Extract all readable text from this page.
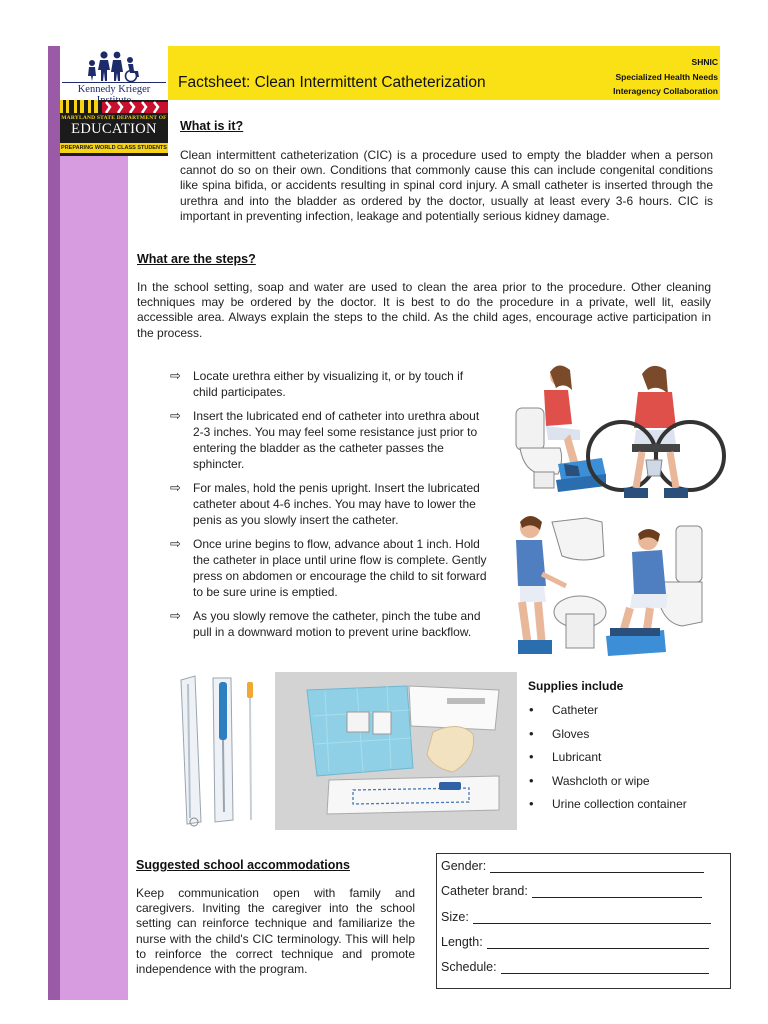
Kennedy Krieger
MARYLAND STATE DEPARTMENT OF
EDUCATION
PREPARING WORLD CLASS STUDENTS
Factsheet: Clean Intermittent Catheterization
SHNIC
Specialized Health Needs
Interagency Collaboration
What is it?

Clean intermittent catheterization (CIC) is a procedure used to empty the bladder when a person cannot do so on their own. Conditions that commonly cause this can include congenital conditions like spina bifida, or accidents resulting in spinal cord injury. A small catheter is inserted through the urethra and into the bladder as ordered by the doctor, usually at least every 3-6 hours. CIC is important in preventing infection, leakage and potentially serious kidney damage.

What are the steps?

In the school setting, soap and water are used to clean the area prior to the procedure. Other cleaning techniques may be ordered by the doctor. It is best to do the procedure in a private, well lit, easily accessible area. Always explain the steps to the child. As the child ages, encourage active participation in the process.

⇨ Locate urethra either by visualizing it, or by touch if child participates.
⇨ Insert the lubricated end of catheter into urethra about 2-3 inches. You may feel some resistance just prior to entering the bladder as the catheter passes the sphincter.
⇨ For males, hold the penis upright. Insert the lubricated catheter about 4-6 inches. You may have to lower the penis as you slowly insert the catheter.
⇨ Once urine begins to flow, advance about 1 inch. Hold the catheter in place until urine flow is complete. Gently press on abdomen or encourage the child to sit forward to be sure urine is emptied.
⇨ As you slowly remove the catheter, pinch the tube and pull in a downward motion to prevent urine backflow.
Supplies include
• Catheter
• Gloves
• Lubricant
• Washcloth or wipe
• Urine collection container
Suggested school accommodations

Keep communication open with family and caregivers. Inviting the caregiver into the school setting can reinforce technique and familiarize the nurse with the child's CIC terminology. This will help to reinforce the correct technique and promote independence with the program.

Gender:
Catheter brand:
Size:
Length:
Schedule:
